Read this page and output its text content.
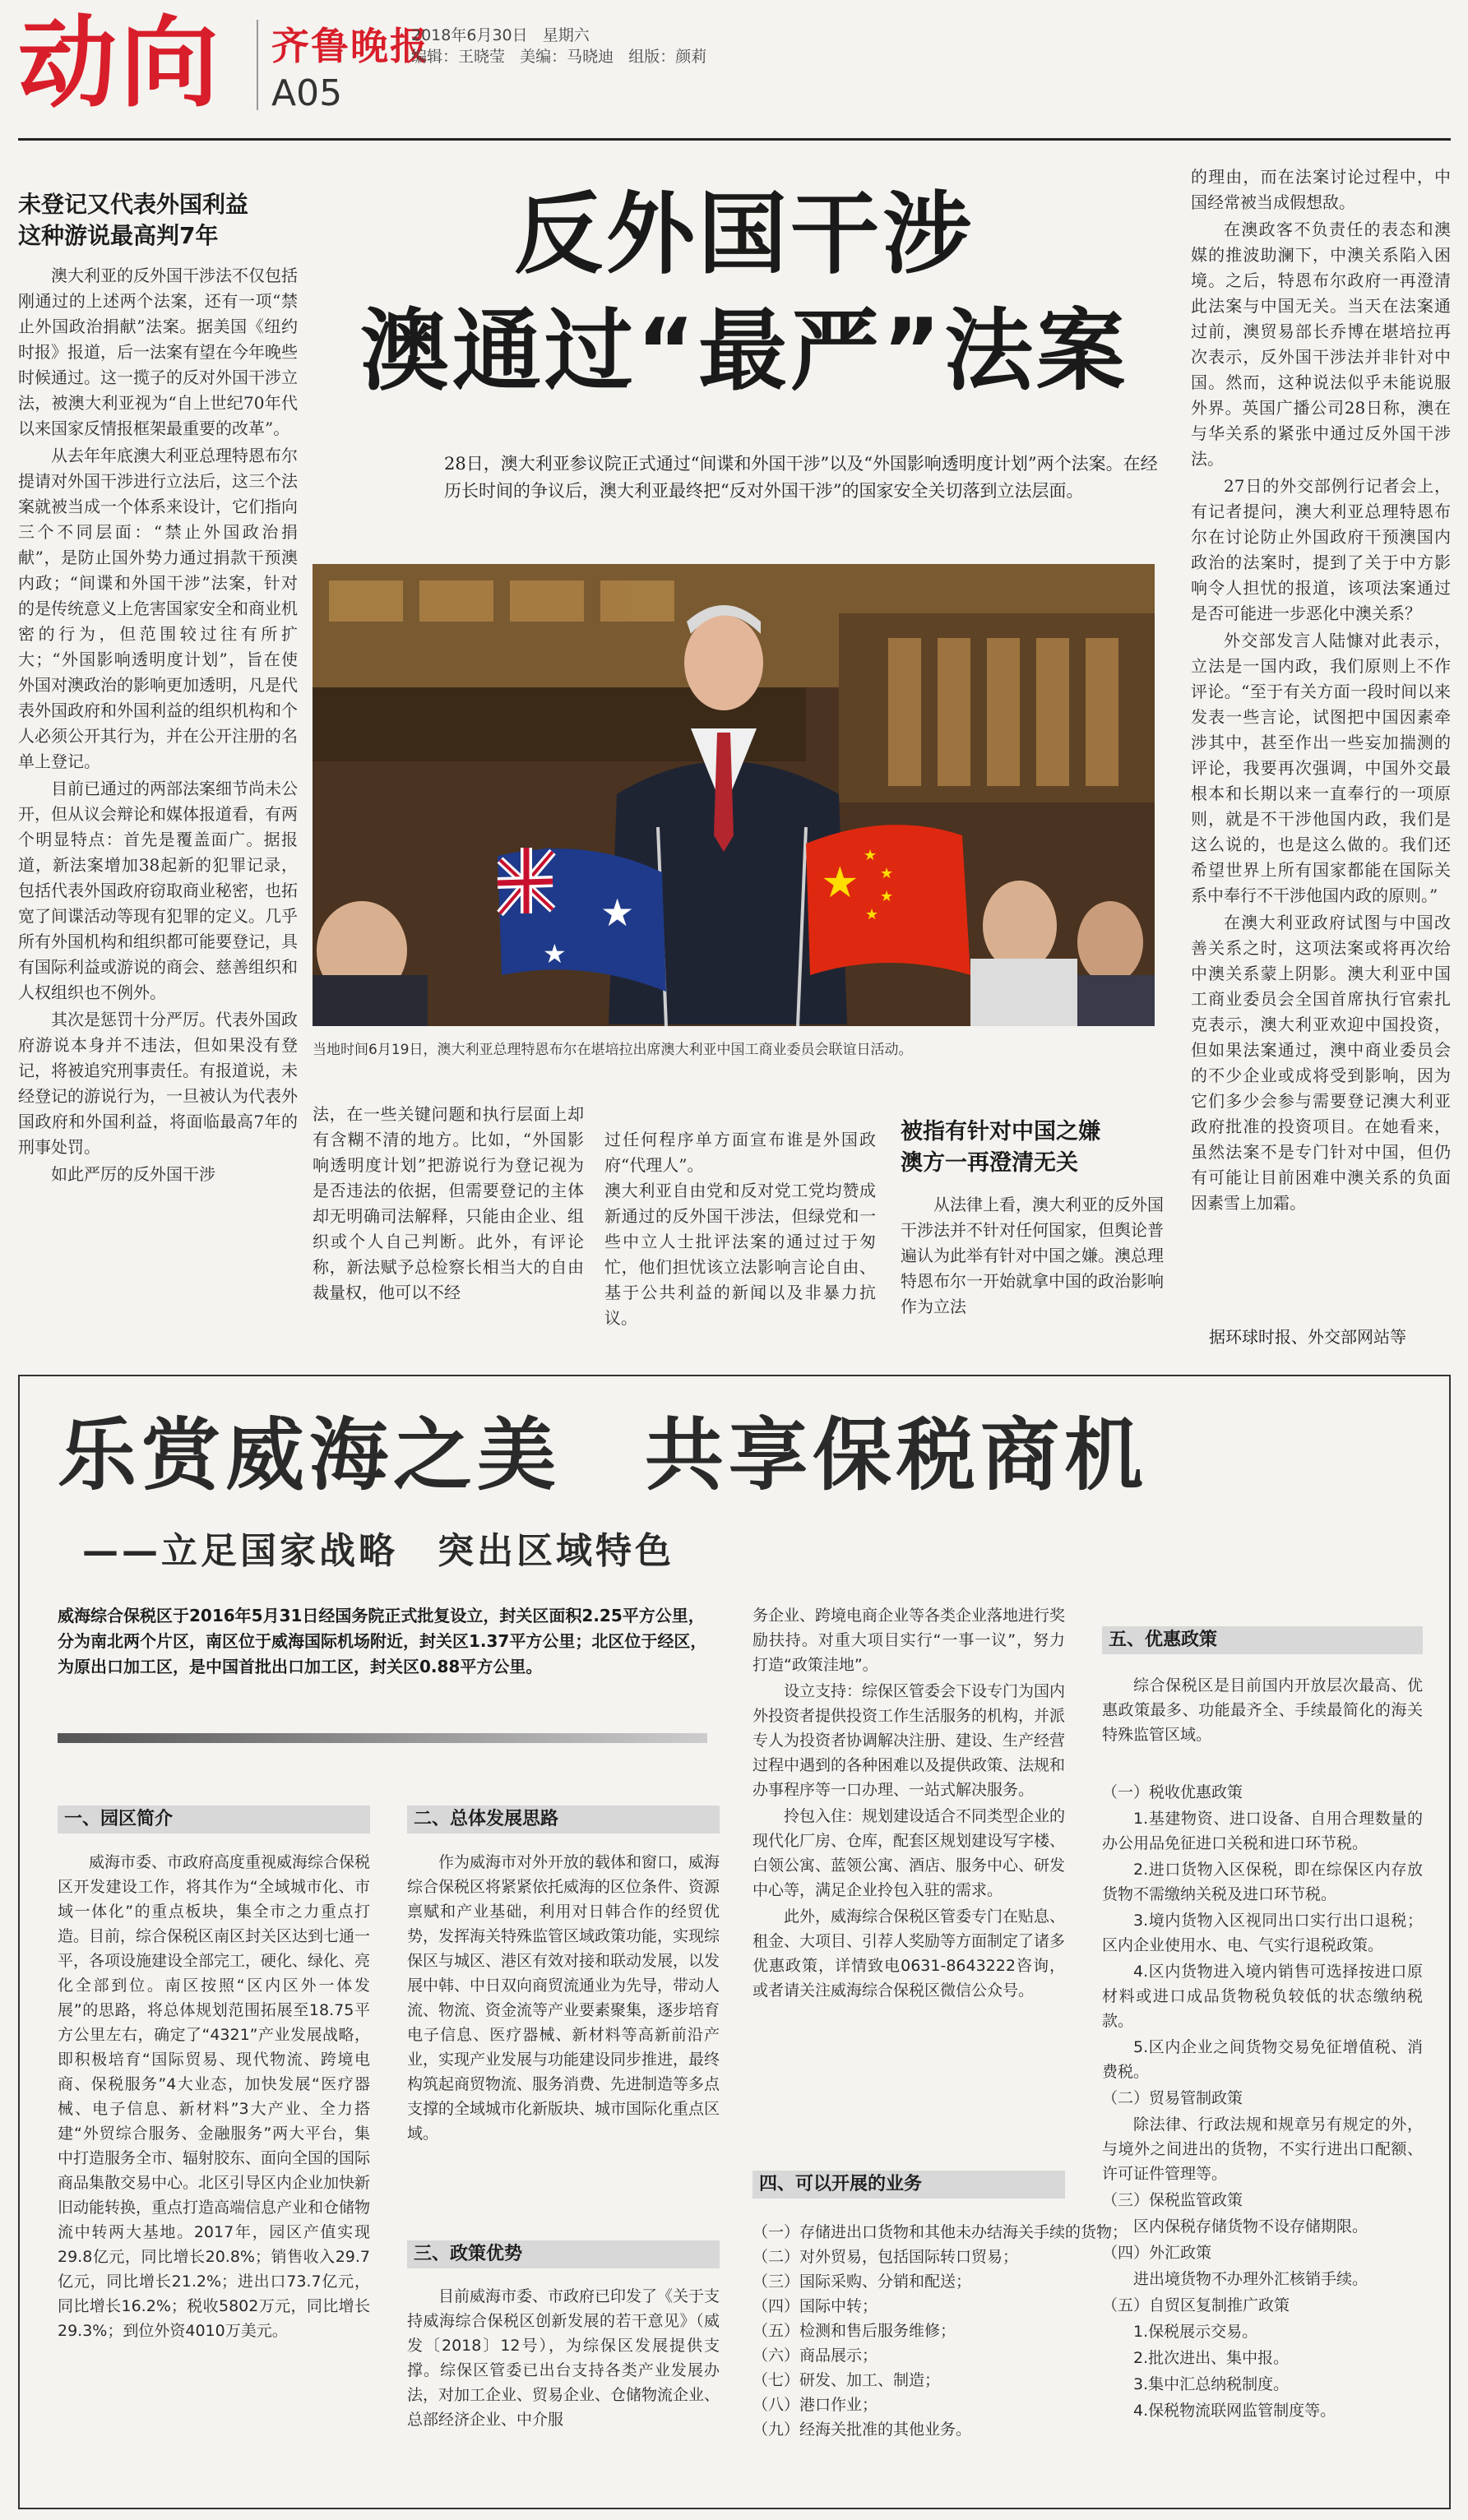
动向 齐鲁晚报
A05
2018年6月30日 星期六
编辑：王晓莹 美编：马晓迪 组版：颜莉
未登记又代表外国利益
这种游说最高判7年	反外国干涉
澳通过“最严”法案
28日，澳大利亚参议院正式通过“间谍和外国干涉”以及“外国影响透明度计划”两个法案。在经历长时间的争议后，澳大利亚最终把“反对外国干涉”的国家安全关切落到立法层面。

澳大利亚的反外国干涉法不仅包括刚通过的上述两个法案，还有一项“禁止外国政治捐献”法案。据美国《纽约时报》报道，后一法案有望在今年晚些时候通过。这一揽子的反对外国干涉立法，被澳大利亚视为“自上世纪70年代以来国家反情报框架最重要的改革”。

从去年年底澳大利亚总理特恩布尔提请对外国干涉进行立法后，这三个法案就被当成一个体系来设计，它们指向三个不同层面：“禁止外国政治捐献”，是防止国外势力通过捐款干预澳内政；“间谍和外国干涉”法案，针对的是传统意义上危害国家安全和商业机密的行为，但范围较过往有所扩大；“外国影响透明度计划”，旨在使外国对澳政治的影响更加透明，凡是代表外国政府和外国利益的组织机构和个人必须公开其行为，并在公开注册的名单上登记。

目前已通过的两部法案细节尚未公开，但从议会辩论和媒体报道看，有两个明显特点：首先是覆盖面广。据报道，新法案增加38起新的犯罪记录，包括代表外国政府窃取商业秘密，也拓宽了间谍活动等现有犯罪的定义。几乎所有外国机构和组织都可能要登记，具有国际利益或游说的商会、慈善组织和人权组织也不例外。

其次是惩罚十分严厉。代表外国政府游说本身并不违法，但如果没有登记，将被追究刑事责任。有报道说，未经登记的游说行为，一旦被认为代表外国政府和外国利益，将面临最高7年的刑事处罚。

如此严厉的反外国干涉

★
★
★
★
★
★
★
当地时间6月19日，澳大利亚总理特恩布尔在堪培拉出席澳大利亚中国工商业委员会联谊日活动。

法，在一些关键问题和执行层面上却有含糊不清的地方。比如，“外国影响透明度计划”把游说行为登记视为是否违法的依据，但需要登记的主体却无明确司法解释，只能由企业、组织或个人自己判断。此外，有评论称，新法赋予总检察长相当大的自由裁量权，他可以不经

过任何程序单方面宣布谁是外国政府“代理人”。
澳大利亚自由党和反对党工党均赞成新通过的反外国干涉法，但绿党和一些中立人士批评法案的通过过于匆忙，他们担忧该立法影响言论自由、基于公共利益的新闻以及非暴力抗议。

被指有针对中国之嫌
澳方一再澄清无关

从法律上看，澳大利亚的反外国干涉法并不针对任何国家，但舆论普遍认为此举有针对中国之嫌。澳总理特恩布尔一开始就拿中国的政治影响作为立法

的理由，而在法案讨论过程中，中国经常被当成假想敌。

在澳政客不负责任的表态和澳媒的推波助澜下，中澳关系陷入困境。之后，特恩布尔政府一再澄清此法案与中国无关。当天在法案通过前，澳贸易部长乔博在堪培拉再次表示，反外国干涉法并非针对中国。然而，这种说法似乎未能说服外界。英国广播公司28日称，澳在与华关系的紧张中通过反外国干涉法。

27日的外交部例行记者会上，有记者提问，澳大利亚总理特恩布尔在讨论防止外国政府干预澳国内政治的法案时，提到了关于中方影响令人担忧的报道，该项法案通过是否可能进一步恶化中澳关系？

外交部发言人陆慷对此表示，立法是一国内政，我们原则上不作评论。“至于有关方面一段时间以来发表一些言论，试图把中国因素牵涉其中，甚至作出一些妄加揣测的评论，我要再次强调，中国外交最根本和长期以来一直奉行的一项原则，就是不干涉他国内政，我们是这么说的，也是这么做的。我们还希望世界上所有国家都能在国际关系中奉行不干涉他国内政的原则。”

在澳大利亚政府试图与中国改善关系之时，这项法案或将再次给中澳关系蒙上阴影。澳大利亚中国工商业委员会全国首席执行官索扎克表示，澳大利亚欢迎中国投资，但如果法案通过，澳中商业委员会的不少企业或成将受到影响，因为它们多少会参与需要登记澳大利亚政府批准的投资项目。在她看来，虽然法案不是专门针对中国，但仍有可能让目前困难中澳关系的负面因素雪上加霜。

据环球时报、外交部网站等
乐赏威海之美　共享保税商机
——立足国家战略　突出区域特色
威海综合保税区于2016年5月31日经国务院正式批复设立，封关区面积2.25平方公里，分为南北两个片区，南区位于威海国际机场附近，封关区1.37平方公里；北区位于经区，为原出口加工区，是中国首批出口加工区，封关区0.88平方公里。
一、园区简介

威海市委、市政府高度重视威海综合保税区开发建设工作，将其作为“全域城市化、市域一体化”的重点板块，集全市之力重点打造。目前，综合保税区南区封关区达到七通一平，各项设施建设全部完工，硬化、绿化、亮化全部到位。南区按照“区内区外一体发展”的思路，将总体规划范围拓展至18.75平方公里左右，确定了“4321”产业发展战略，即积极培育“国际贸易、现代物流、跨境电商、保税服务”4大业态，加快发展“医疗器械、电子信息、新材料”3大产业、全力搭建“外贸综合服务、金融服务”两大平台，集中打造服务全市、辐射胶东、面向全国的国际商品集散交易中心。北区引导区内企业加快新旧动能转换，重点打造高端信息产业和仓储物流中转两大基地。2017年，园区产值实现29.8亿元，同比增长20.8%；销售收入29.7亿元，同比增长21.2%；进出口73.7亿元，同比增长16.2%；税收5802万元，同比增长29.3%；到位外资4010万美元。

二、总体发展思路

作为威海市对外开放的载体和窗口，威海综合保税区将紧紧依托威海的区位条件、资源禀赋和产业基础，利用对日韩合作的经贸优势，发挥海关特殊监管区域政策功能，实现综保区与城区、港区有效对接和联动发展，以发展中韩、中日双向商贸流通业为先导，带动人流、物流、资金流等产业要素聚集，逐步培育电子信息、医疗器械、新材料等高新前沿产业，实现产业发展与功能建设同步推进，最终构筑起商贸物流、服务消费、先进制造等多点支撑的全域城市化新版块、城市国际化重点区域。

三、政策优势

目前威海市委、市政府已印发了《关于支持威海综合保税区创新发展的若干意见》（威发〔2018〕12号），为综保区发展提供支撑。综保区管委已出台支持各类产业发展办法，对加工企业、贸易企业、仓储物流企业、总部经济企业、中介服

务企业、跨境电商企业等各类企业落地进行奖励扶持。对重大项目实行“一事一议”，努力打造“政策洼地”。

设立支持：综保区管委会下设专门为国内外投资者提供投资工作生活服务的机构，并派专人为投资者协调解决注册、建设、生产经营过程中遇到的各种困难以及提供政策、法规和办事程序等一口办理、一站式解决服务。

拎包入住：规划建设适合不同类型企业的现代化厂房、仓库，配套区规划建设写字楼、白领公寓、蓝领公寓、酒店、服务中心、研发中心等，满足企业拎包入驻的需求。

此外，威海综合保税区管委专门在贴息、租金、大项目、引荐人奖励等方面制定了诸多优惠政策，详情致电0631-8643222咨询，或者请关注威海综合保税区微信公众号。

四、可以开展的业务
（一）存储进出口货物和其他未办结海关手续的货物；
（二）对外贸易，包括国际转口贸易；
（三）国际采购、分销和配送；
（四）国际中转；
（五）检测和售后服务维修；
（六）商品展示；
（七）研发、加工、制造；
（八）港口作业；
（九）经海关批准的其他业务。
五、优惠政策

综合保税区是目前国内开放层次最高、优惠政策最多、功能最齐全、手续最简化的海关特殊监管区域。

（一）税收优惠政策

1.基建物资、进口设备、自用合理数量的办公用品免征进口关税和进口环节税。

2.进口货物入区保税，即在综保区内存放货物不需缴纳关税及进口环节税。

3.境内货物入区视同出口实行出口退税；区内企业使用水、电、气实行退税政策。

4.区内货物进入境内销售可选择按进口原材料或进口成品货物税负较低的状态缴纳税款。

5.区内企业之间货物交易免征增值税、消费税。

（二）贸易管制政策

除法律、行政法规和规章另有规定的外，与境外之间进出的货物，不实行进出口配额、许可证件管理等。

（三）保税监管政策

区内保税存储货物不设存储期限。

（四）外汇政策

进出境货物不办理外汇核销手续。

（五）自贸区复制推广政策

1.保税展示交易。

2.批次进出、集中报。

3.集中汇总纳税制度。

4.保税物流联网监管制度等。
